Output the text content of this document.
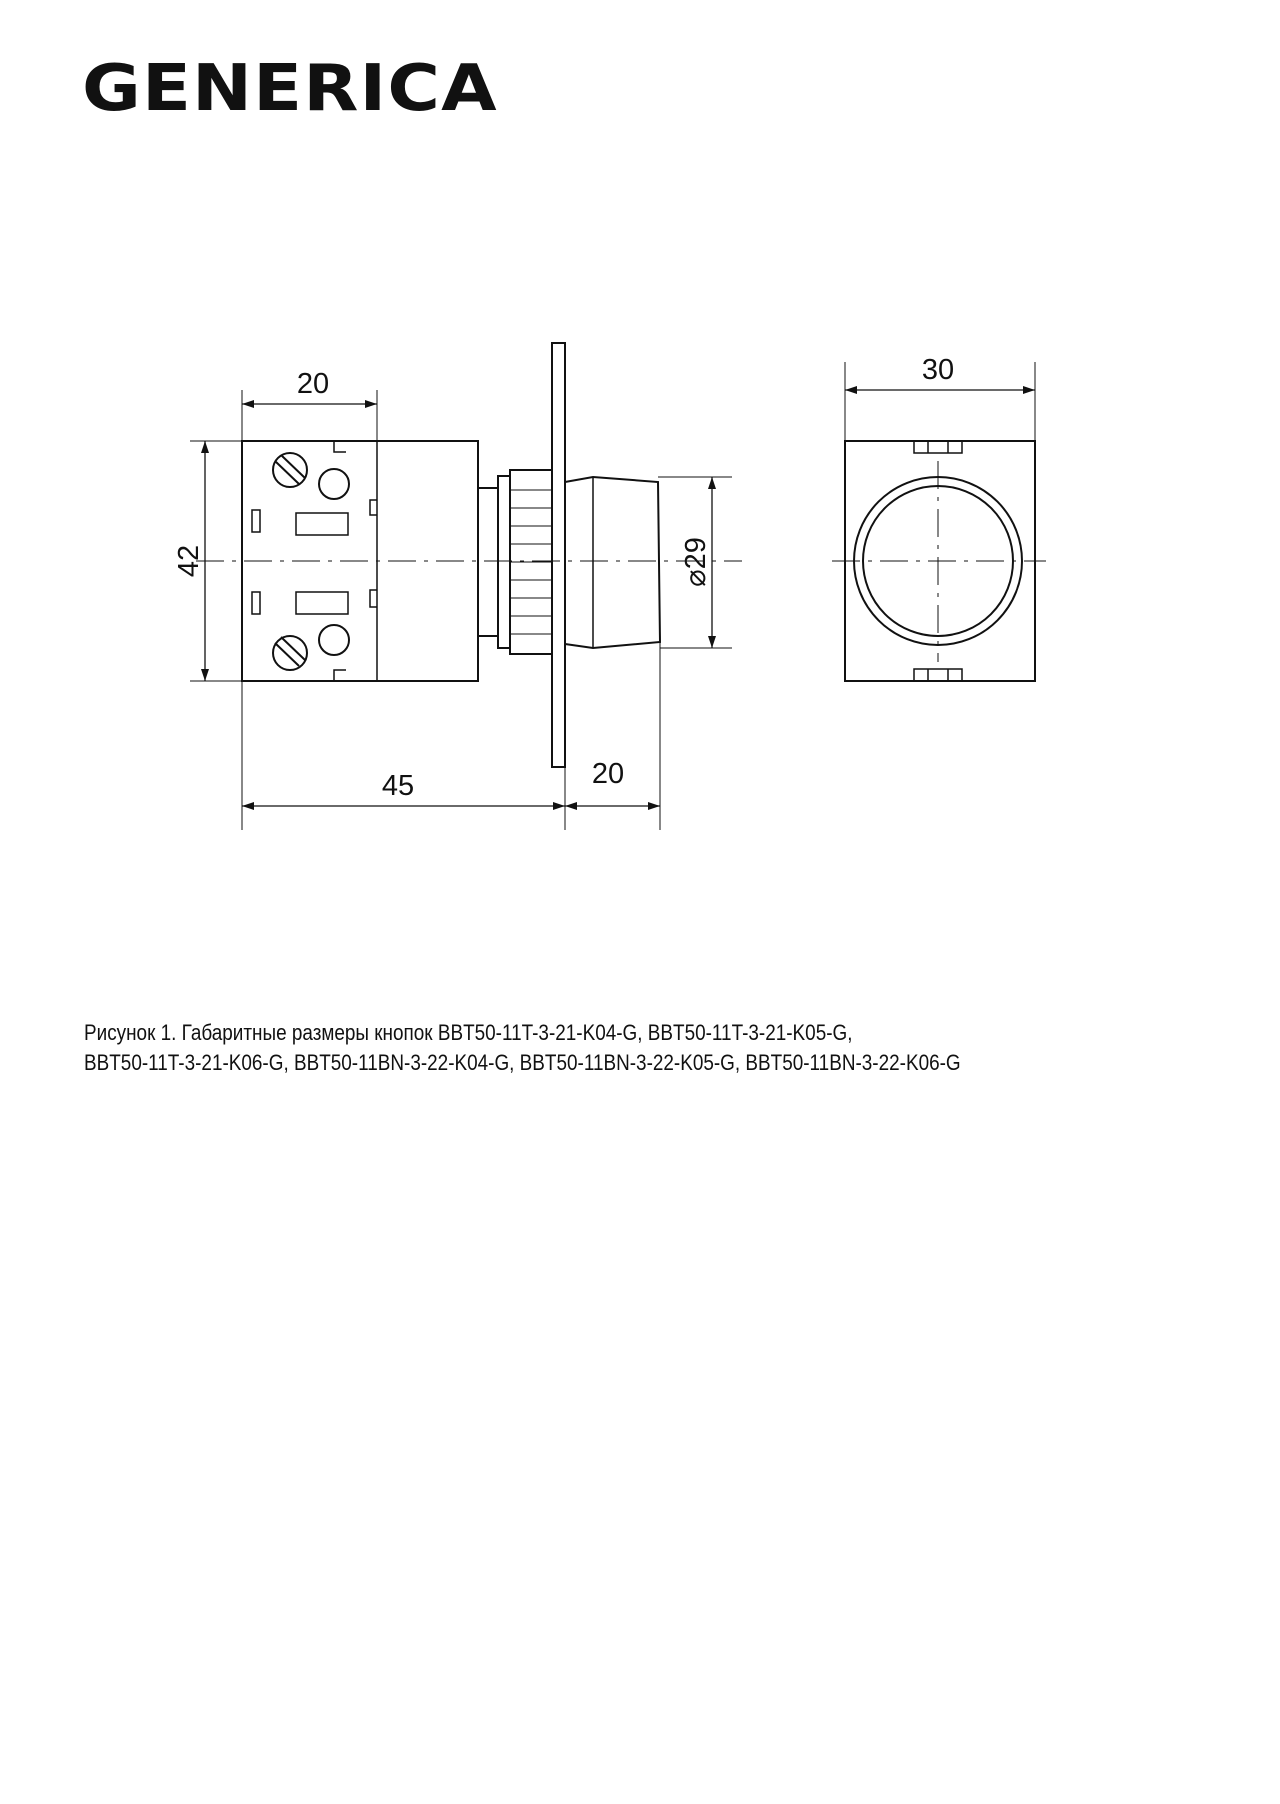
GENERICA
20
42
45	20
⌀29
30
Рисунок 1. Габаритные размеры кнопок BBT50-11T-3-21-K04-G, BBT50-11T-3-21-K05-G,
BBT50-11T-3-21-K06-G, BBT50-11BN-3-22-K04-G, BBT50-11BN-3-22-K05-G, BBT50-11BN-3-22-K06-G
